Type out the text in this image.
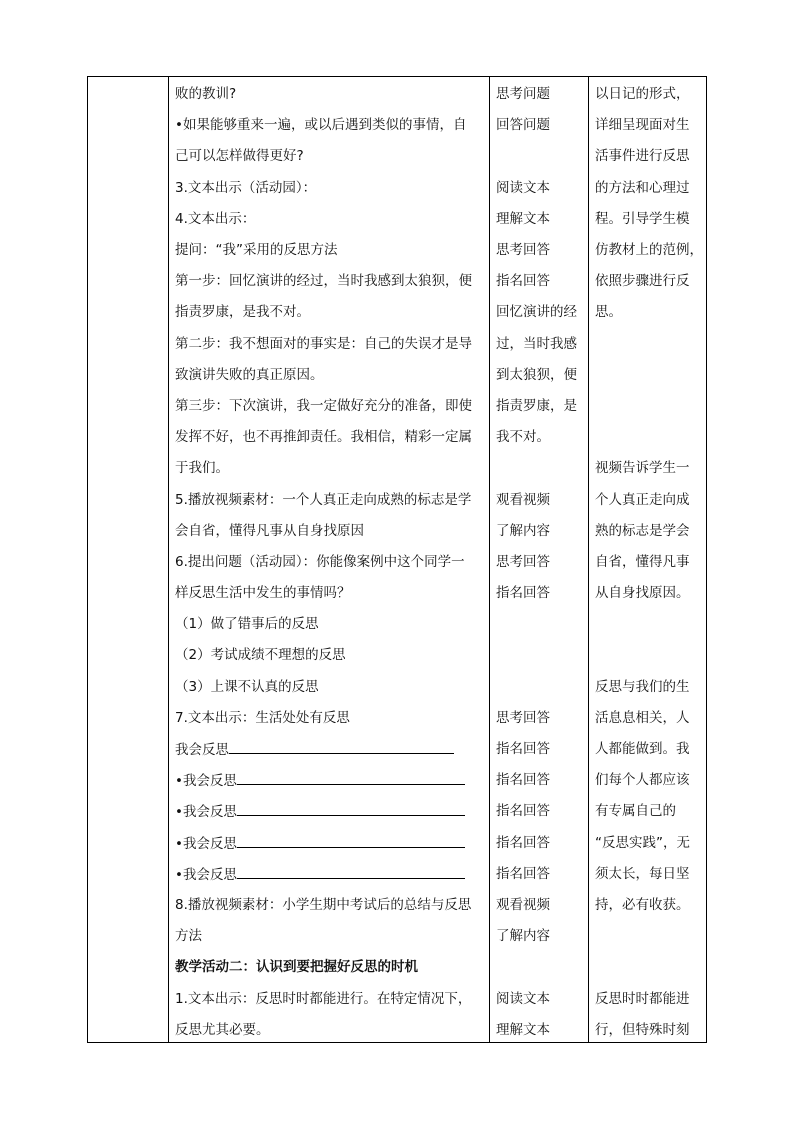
败的教训?
•如果能够重来一遍，或以后遇到类似的事情，自
己可以怎样做得更好?
3.文本出示（活动园）：
4.文本出示：
提问：“我”采用的反思方法
第一步：回忆演讲的经过，当时我感到太狼狈，便
指责罗康，是我不对。
第二步：我不想面对的事实是：自己的失误才是导
致演讲失败的真正原因。
第三步：下次演讲，我一定做好充分的准备，即使
发挥不好，也不再推卸责任。我相信，精彩一定属
于我们。
5.播放视频素材：一个人真正走向成熟的标志是学
会自省，懂得凡事从自身找原因
6.提出问题（活动园）：你能像案例中这个同学一
样反思生活中发生的事情吗？
（1）做了错事后的反思
（2）考试成绩不理想的反思
（3）上课不认真的反思
7.文本出示：生活处处有反思
我会反思
•我会反思
•我会反思
•我会反思
•我会反思
8.播放视频素材：小学生期中考试后的总结与反思
方法
教学活动二：认识到要把握好反思的时机
1.文本出示：反思时时都能进行。在特定情况下，
反思尤其必要。
思考问题
回答问题
阅读文本
理解文本
思考回答
指名回答
回忆演讲的经
过，当时我感
到太狼狈，便
指责罗康，是
我不对。
观看视频
了解内容
思考回答
指名回答
思考回答
指名回答
指名回答
指名回答
指名回答
指名回答
观看视频
了解内容
阅读文本
理解文本
以日记的形式，
详细呈现面对生
活事件进行反思
的方法和心理过
程。引导学生模
仿教材上的范例，
依照步骤进行反
思。
视频告诉学生一
个人真正走向成
熟的标志是学会
自省，懂得凡事
从自身找原因。
反思与我们的生
活息息相关，人
人都能做到。我
们每个人都应该
有专属自己的
“反思实践”，无
须太长，每日坚
持，必有收获。
反思时时都能进
行，但特殊时刻
